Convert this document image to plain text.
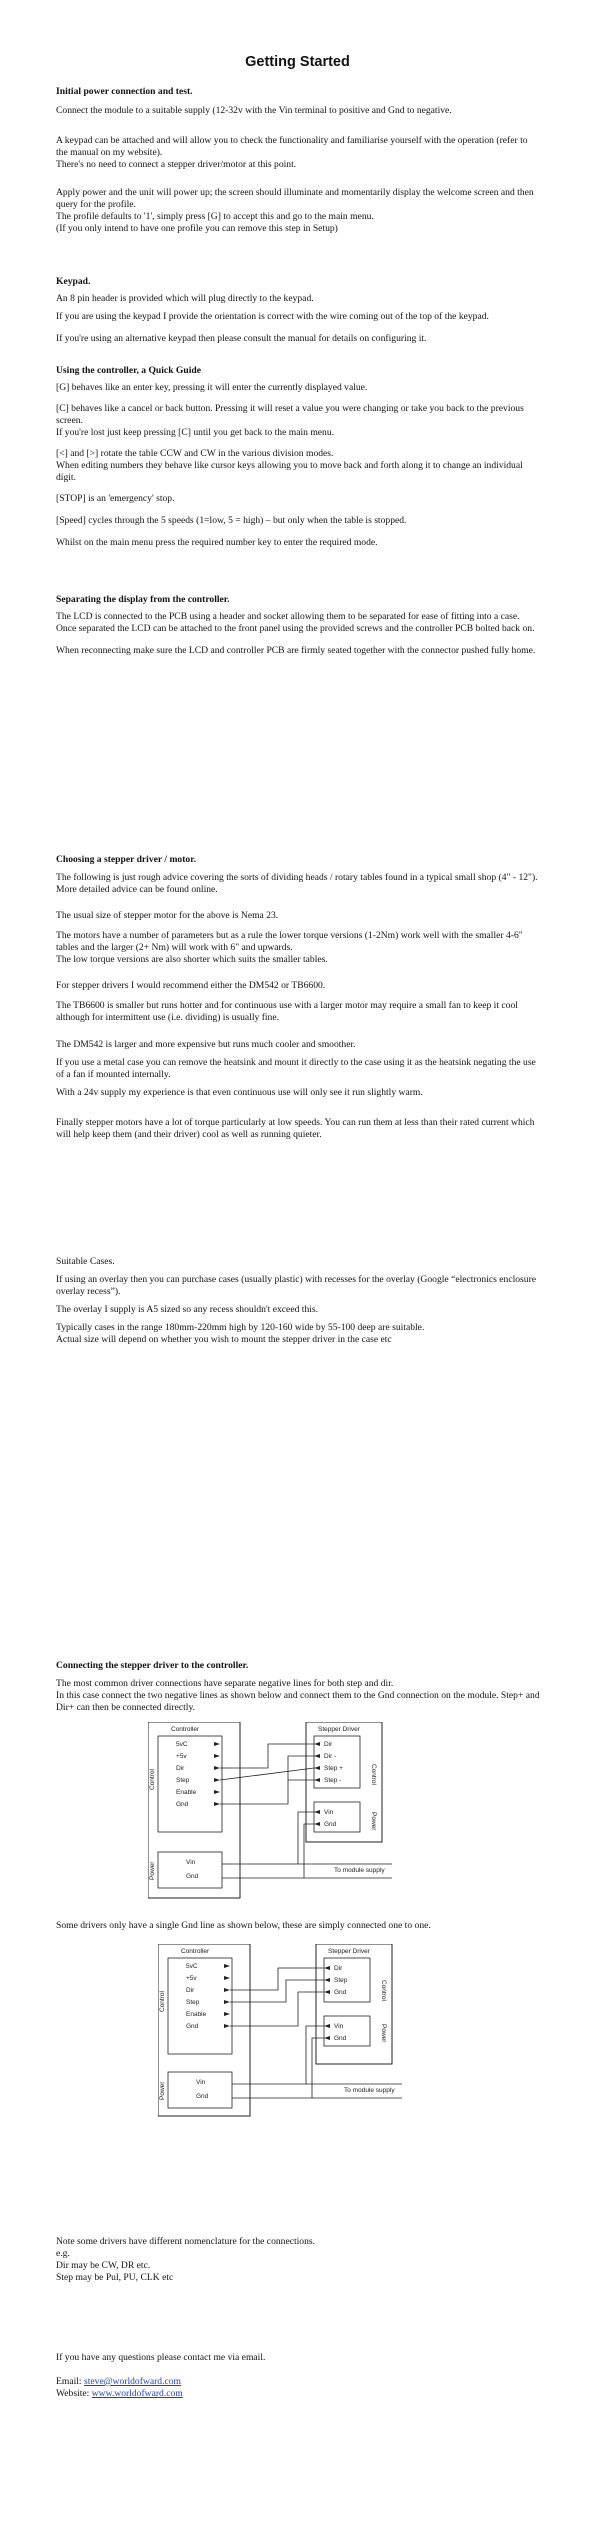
Getting Started

Initial power connection and test.

Connect the module to a suitable supply (12-32v with the Vin terminal to positive and Gnd to negative.

A keypad can be attached and will allow you to check the functionality and familiarise yourself with the operation (refer to the manual on my website).

There's no need to connect a stepper driver/motor at this point.

Apply power and the unit will power up; the screen should illuminate and momentarily display the welcome screen and then query for the profile.

The profile defaults to '1', simply press [G] to accept this and go to the main menu.

(If you only intend to have one profile you can remove this step in Setup)

Keypad.

An 8 pin header is provided which will plug directly to the keypad.

If you are using the keypad I provide the orientation is correct with the wire coming out of the top of the keypad.

If you're using an alternative keypad then please consult the manual for details on configuring it.

Using the controller, a Quick Guide

[G] behaves like an enter key, pressing it will enter the currently displayed value.

[C] behaves like a cancel or back button. Pressing it will reset a value you were changing or take you back to the previous screen.

If you're lost just keep pressing [C] until you get back to the main menu.

[<] and [>] rotate the table CCW and CW in the various division modes.

When editing numbers they behave like cursor keys allowing you to move back and forth along it to change an individual digit.

[STOP] is an 'emergency' stop.

[Speed] cycles through the 5 speeds (1=low, 5 = high) – but only when the table is stopped.

Whilst on the main menu press the required number key to enter the required mode.

Separating the display from the controller.

The LCD is connected to the PCB using a header and socket allowing them to be separated for ease of fitting into a case.

Once separated the LCD can be attached to the front panel using the provided screws and the controller PCB bolted back on.

When reconnecting make sure the LCD and controller PCB are firmly seated together with the connector pushed fully home.

Choosing a stepper driver / motor.

The following is just rough advice covering the sorts of dividing heads / rotary tables found in a typical small shop (4" - 12"). More detailed advice can be found online.

The usual size of stepper motor for the above is Nema 23.

The motors have a number of parameters but as a rule the lower torque versions (1-2Nm) work well with the smaller 4-6" tables and the larger (2+ Nm) will work with 6" and upwards.

The low torque versions are also shorter which suits the smaller tables.

For stepper drivers I would recommend either the DM542 or TB6600.

The TB6600 is smaller but runs hotter and for continuous use with a larger motor may require a small fan to keep it cool although for intermittent use (i.e. dividing) is usually fine.

The DM542 is larger and more expensive but runs much cooler and smoother.

If you use a metal case you can remove the heatsink and mount it directly to the case using it as the heatsink negating the use of a fan if mounted internally.

With a 24v supply my experience is that even continuous use will only see it run slightly warm.

Finally stepper motors have a lot of torque particularly at low speeds. You can run them at less than their rated current which will help keep them (and their driver) cool as well as running quieter.

Suitable Cases.

If using an overlay then you can purchase cases (usually plastic) with recesses for the overlay (Google “electronics enclosure overlay recess”).

The overlay I supply is A5 sized so any recess shouldn't exceed this.

Typically cases in the range 180mm-220mm high by 120-160 wide by 55-100 deep are suitable.

Actual size will depend on whether you wish to mount the stepper driver in the case etc

Connecting the stepper driver to the controller.

The most common driver connections have separate negative lines for both step and dir.

In this case connect the two negative lines as shown below and connect them to the Gnd connection on the module. Step+ and Dir+ can then be connected directly.

Controller
Control
5vC
+5v
Dir
Step
Enable
Gnd
Power	Vin
Gnd
Stepper Driver
Dir
Dir -
Step +
Step -	Control
Vin
Gnd	Power
To module supply

Some drivers only have a single Gnd line as shown below, these are simply connected one to one.

Controller
Control
5vC
+5v
Dir
Step
Enable
Gnd
Power	Vin
Gnd
Stepper Driver
Dir
Step
Gnd	Control
Vin
Gnd	Power
To module supply

Note some drivers have different nomenclature for the connections.

e.g.

Dir may be CW, DR etc.

Step may be Pul, PU, CLK etc

If you have any questions please contact me via email.

Email: steve@worldofward.com

Website: www.worldofward.com
